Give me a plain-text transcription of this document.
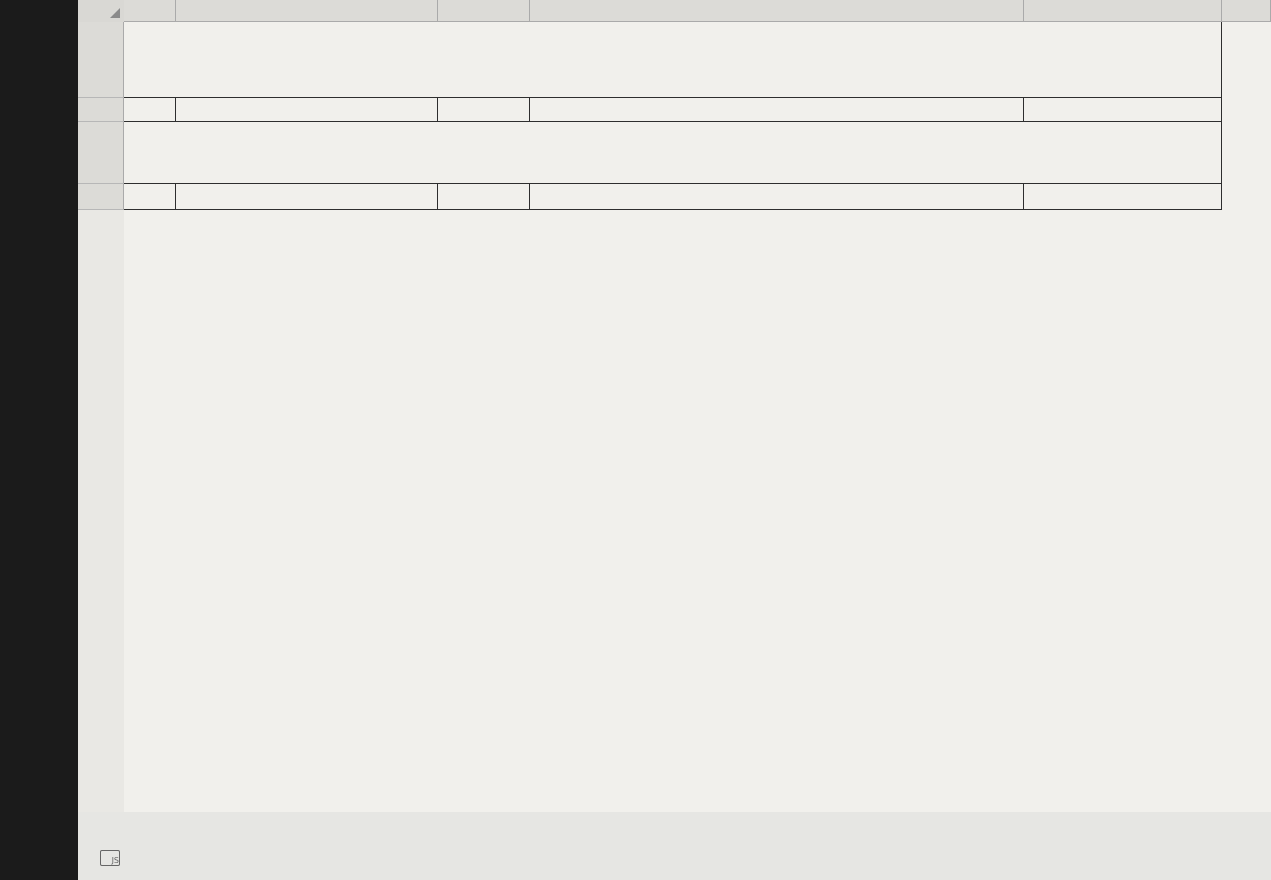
JS
